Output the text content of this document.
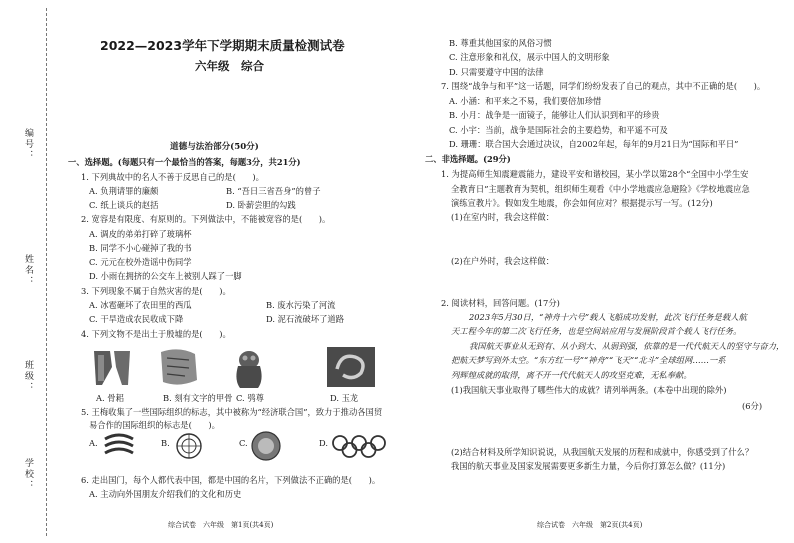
编号：
姓名：
班级：
学校：
2022—2023学年下学期期末质量检测试卷
六年级　综合
道德与法治部分(50分)
一、选择题。(每题只有一个最恰当的答案，每题3分，共21分)
1. 下列典故中的名人不善于反思自己的是(　　)。
A. 负荆请罪的廉颇	B. “吾日三省吾身”的曾子
C. 纸上谈兵的赵括	D. 卧薪尝胆的勾践
2. 宽容是有限度、有原则的。下列做法中，不能被宽容的是(　　)。
A. 调皮的弟弟打碎了玻璃杯
B. 同学不小心碰掉了我的书
C. 元元在校外造谣中伤同学
D. 小雨在拥挤的公交车上被别人踩了一脚
3. 下列现象不属于自然灾害的是(　　)。
A. 冰雹砸坏了农田里的西瓜	B. 废水污染了河流
C. 干旱造成农民收成下降	D. 泥石流破坏了道路
4. 下列文物不是出土于殷墟的是(　　)。
A. 骨耜	B. 刻有文字的甲骨 C. 鸮尊	D. 玉龙
5. 王梅收集了一些国际组织的标志，其中被称为“经济联合国”，致力于推动各国贸
易合作的国际组织的标志是(　　)。
A.	B.	C.	D.
6. 走出国门，每个人都代表中国，都是中国的名片，下列做法不正确的是(　　)。
A. 主动向外国朋友介绍我们的文化和历史
综合试卷　六年级　第1页(共4页)
B. 尊重其他国家的风俗习惯
C. 注意形象和礼仪，展示中国人的文明形象
D. 只需要遵守中国的法律
7. 围绕“战争与和平”这一话题，同学们纷纷发表了自己的观点，其中不正确的是(　　)。
A. 小涵：和平来之不易，我们要倍加珍惜
B. 小月：战争是一面镜子，能够让人们认识到和平的珍贵
C. 小宇：当前，战争是国际社会的主要趋势，和平遥不可及
D. 珊珊：联合国大会通过决议，自2002年起，每年的9月21日为“国际和平日”
二、非选择题。(29分)
1. 为提高师生知震避震能力，建设平安和谐校园，某小学以第28个“全国中小学生安
全教育日”主题教育为契机，组织师生观看《中小学地震应急避险》《学校地震应急
演练宣教片》。假如发生地震，你会如何应对？根据提示写一写。(12分)
(1)在室内时，我会这样做：
(2)在户外时，我会这样做：
2. 阅读材料，回答问题。(17分)
2023年5月30日，“神舟十六号”载人飞船成功发射，此次飞行任务是载人航
天工程今年的第二次飞行任务，也是空间站应用与发展阶段首个载人飞行任务。
我国航天事业从无到有、从小到大、从弱到强，依靠的是一代代航天人的坚守与奋力，
把航天梦写到外太空。“东方红一号”“神舟”“飞天”“北斗”全球组网……一系
列辉煌成就的取得，离不开一代代航天人的攻坚克难，无私奉献。
(1)我国航天事业取得了哪些伟大的成就？请列举两条。(本卷中出现的除外)
(6分)
(2)结合材料及所学知识说说，从我国航天发展的历程和成就中，你感受到了什么？
我国的航天事业及国家发展需要更多新生力量，今后你打算怎么做？(11分)
综合试卷　六年级　第2页(共4页)
